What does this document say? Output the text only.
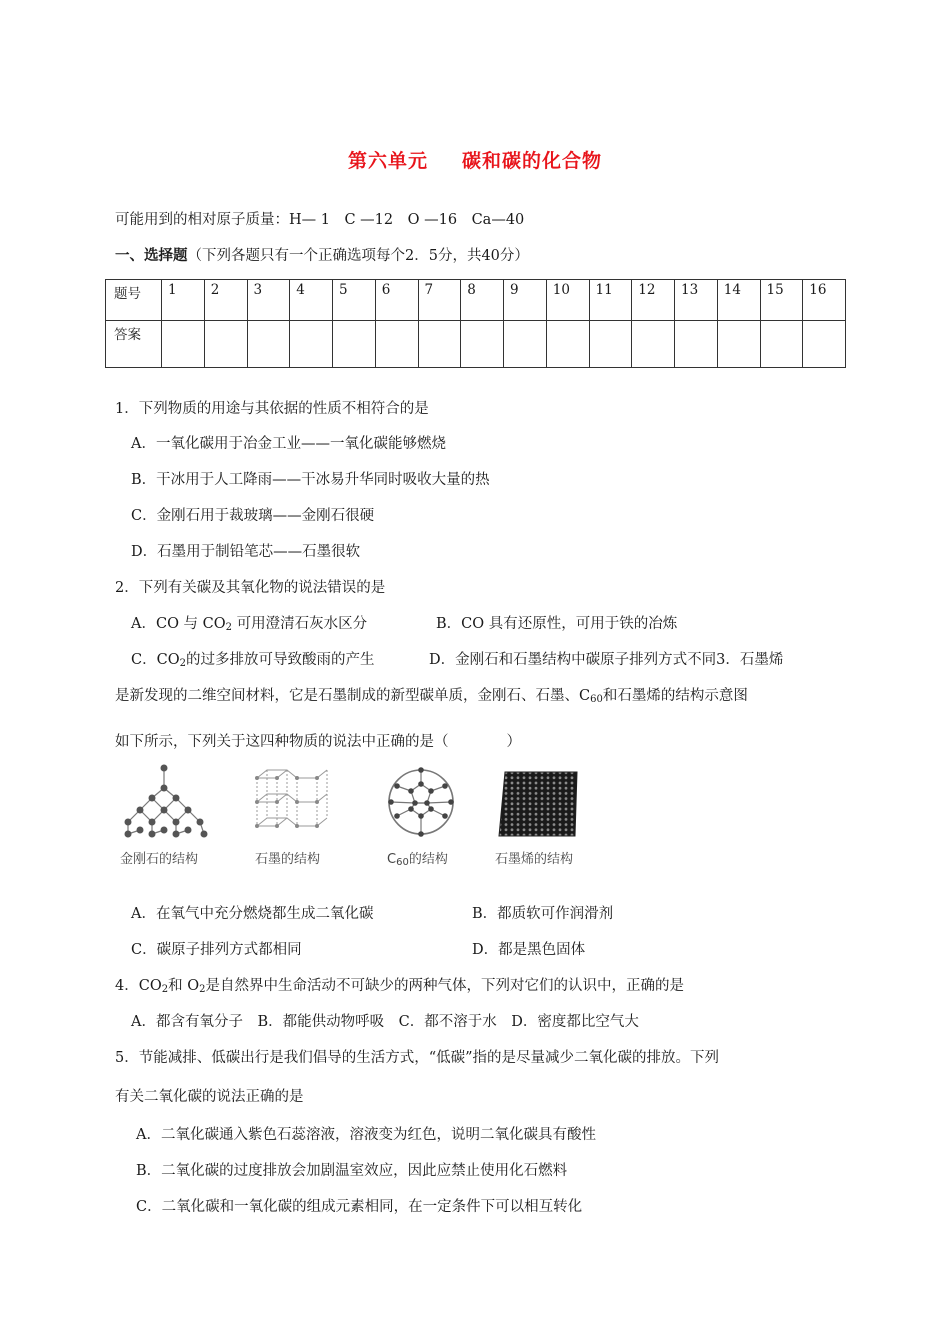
第六单元 碳和碳的化合物
可能用到的相对原子质量：H— 1　C —12　O —16　Ca—40
一、选择题（下列各题只有一个正确选项每个2．5分，共40分）
题号	1	2	3	4	5	6	7	8	9	10	11	12	13	14	15	16
答案																
1．下列物质的用途与其依据的性质不相符合的是
A．一氧化碳用于冶金工业——一氧化碳能够燃烧
B．干冰用于人工降雨——干冰易升华同时吸收大量的热
C．金刚石用于裁玻璃——金刚石很硬
D．石墨用于制铅笔芯——石墨很软
2．下列有关碳及其氧化物的说法错误的是
A．CO 与 $CO_2$ 可用澄清石灰水区分	B．CO 具有还原性，可用于铁的冶炼
C．$CO_2$的过多排放可导致酸雨的产生	D．金刚石和石墨结构中碳原子排列方式不同3．石墨烯
是新发现的二维空间材料，它是石墨制成的新型碳单质，金刚石、石墨、$C_{60}$和石墨烯的结构示意图
如下所示，下列关于这四种物质的说法中正确的是（　　　　）
金刚石的结构	石墨的结构	$C_{60}$的结构	石墨烯的结构
A．在氧气中充分燃烧都生成二氧化碳	B．都质软可作润滑剂
C．碳原子排列方式都相同	D．都是黑色固体
4．$CO_2$和 $O_2$是自然界中生命活动不可缺少的两种气体，下列对它们的认识中，正确的是
A．都含有氧分子　B．都能供动物呼吸　C．都不溶于水　D．密度都比空气大
5．节能减排、低碳出行是我们倡导的生活方式，“低碳”指的是尽量减少二氧化碳的排放。下列
有关二氧化碳的说法正确的是
A．二氧化碳通入紫色石蕊溶液，溶液变为红色，说明二氧化碳具有酸性
B．二氧化碳的过度排放会加剧温室效应，因此应禁止使用化石燃料
C．二氧化碳和一氧化碳的组成元素相同，在一定条件下可以相互转化
